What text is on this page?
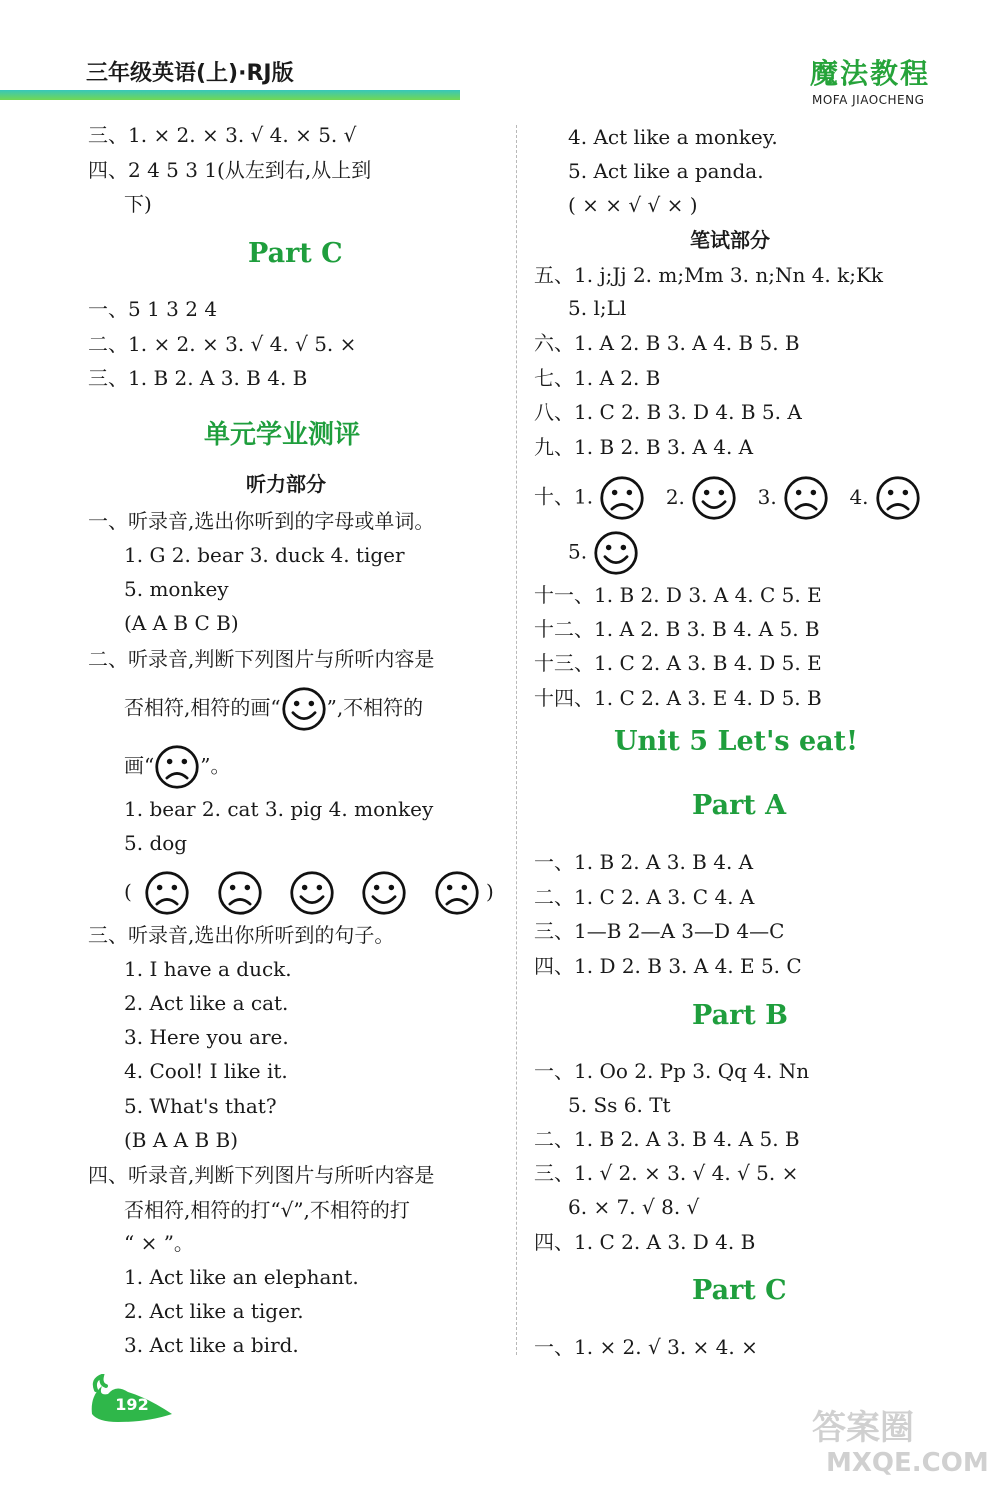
三年级英语(上)·RJ版	魔法教程
MOFA JIAOCHENG
三、1. × 2. × 3. √ 4. × 5. √
四、2 4 5 3 1(从左到右,从上到
下)
Part C
一、5 1 3 2 4
二、1. × 2. × 3. √ 4. √ 5. ×
三、1. B 2. A 3. B 4. B
单元学业测评
听力部分
一、听录音,选出你听到的字母或单词。
1. G 2. bear 3. duck 4. tiger
5. monkey
(A A B C B)
二、听录音,判断下列图片与所听内容是
否相符,相符的画“ ”,不相符的
画“ ”。
1. bear 2. cat 3. pig 4. monkey
5. dog
(	)
三、听录音,选出你所听到的句子。
1. I have a duck.
2. Act like a cat.
3. Here you are.
4. Cool! I like it.
5. What's that?
(B A A B B)
四、听录音,判断下列图片与所听内容是
否相符,相符的打“√”,不相符的打
“ × ”。
1. Act like an elephant.
2. Act like a tiger.
3. Act like a bird.
4. Act like a monkey.
5. Act like a panda.
( × × √ √ × )
笔试部分
五、1. j;Jj 2. m;Mm 3. n;Nn 4. k;Kk
5. l;Ll
六、1. A 2. B 3. A 4. B 5. B
七、1. A 2. B
八、1. C 2. B 3. D 4. B 5. A
九、1. B 2. B 3. A 4. A
十、1.	2.	3.	4.
5.
十一、1. B 2. D 3. A 4. C 5. E
十二、1. A 2. B 3. B 4. A 5. B
十三、1. C 2. A 3. B 4. D 5. E
十四、1. C 2. A 3. E 4. D 5. B
Unit 5 Let's eat!
Part A
一、1. B 2. A 3. B 4. A
二、1. C 2. A 3. C 4. A
三、1—B 2—A 3—D 4—C
四、1. D 2. B 3. A 4. E 5. C
Part B
一、1. Oo 2. Pp 3. Qq 4. Nn
5. Ss 6. Tt
二、1. B 2. A 3. B 4. A 5. B
三、1. √ 2. × 3. √ 4. √ 5. ×
6. × 7. √ 8. √
四、1. C 2. A 3. D 4. B
Part C
一、1. × 2. √ 3. × 4. ×
192
答案圈
MXQE.COM
